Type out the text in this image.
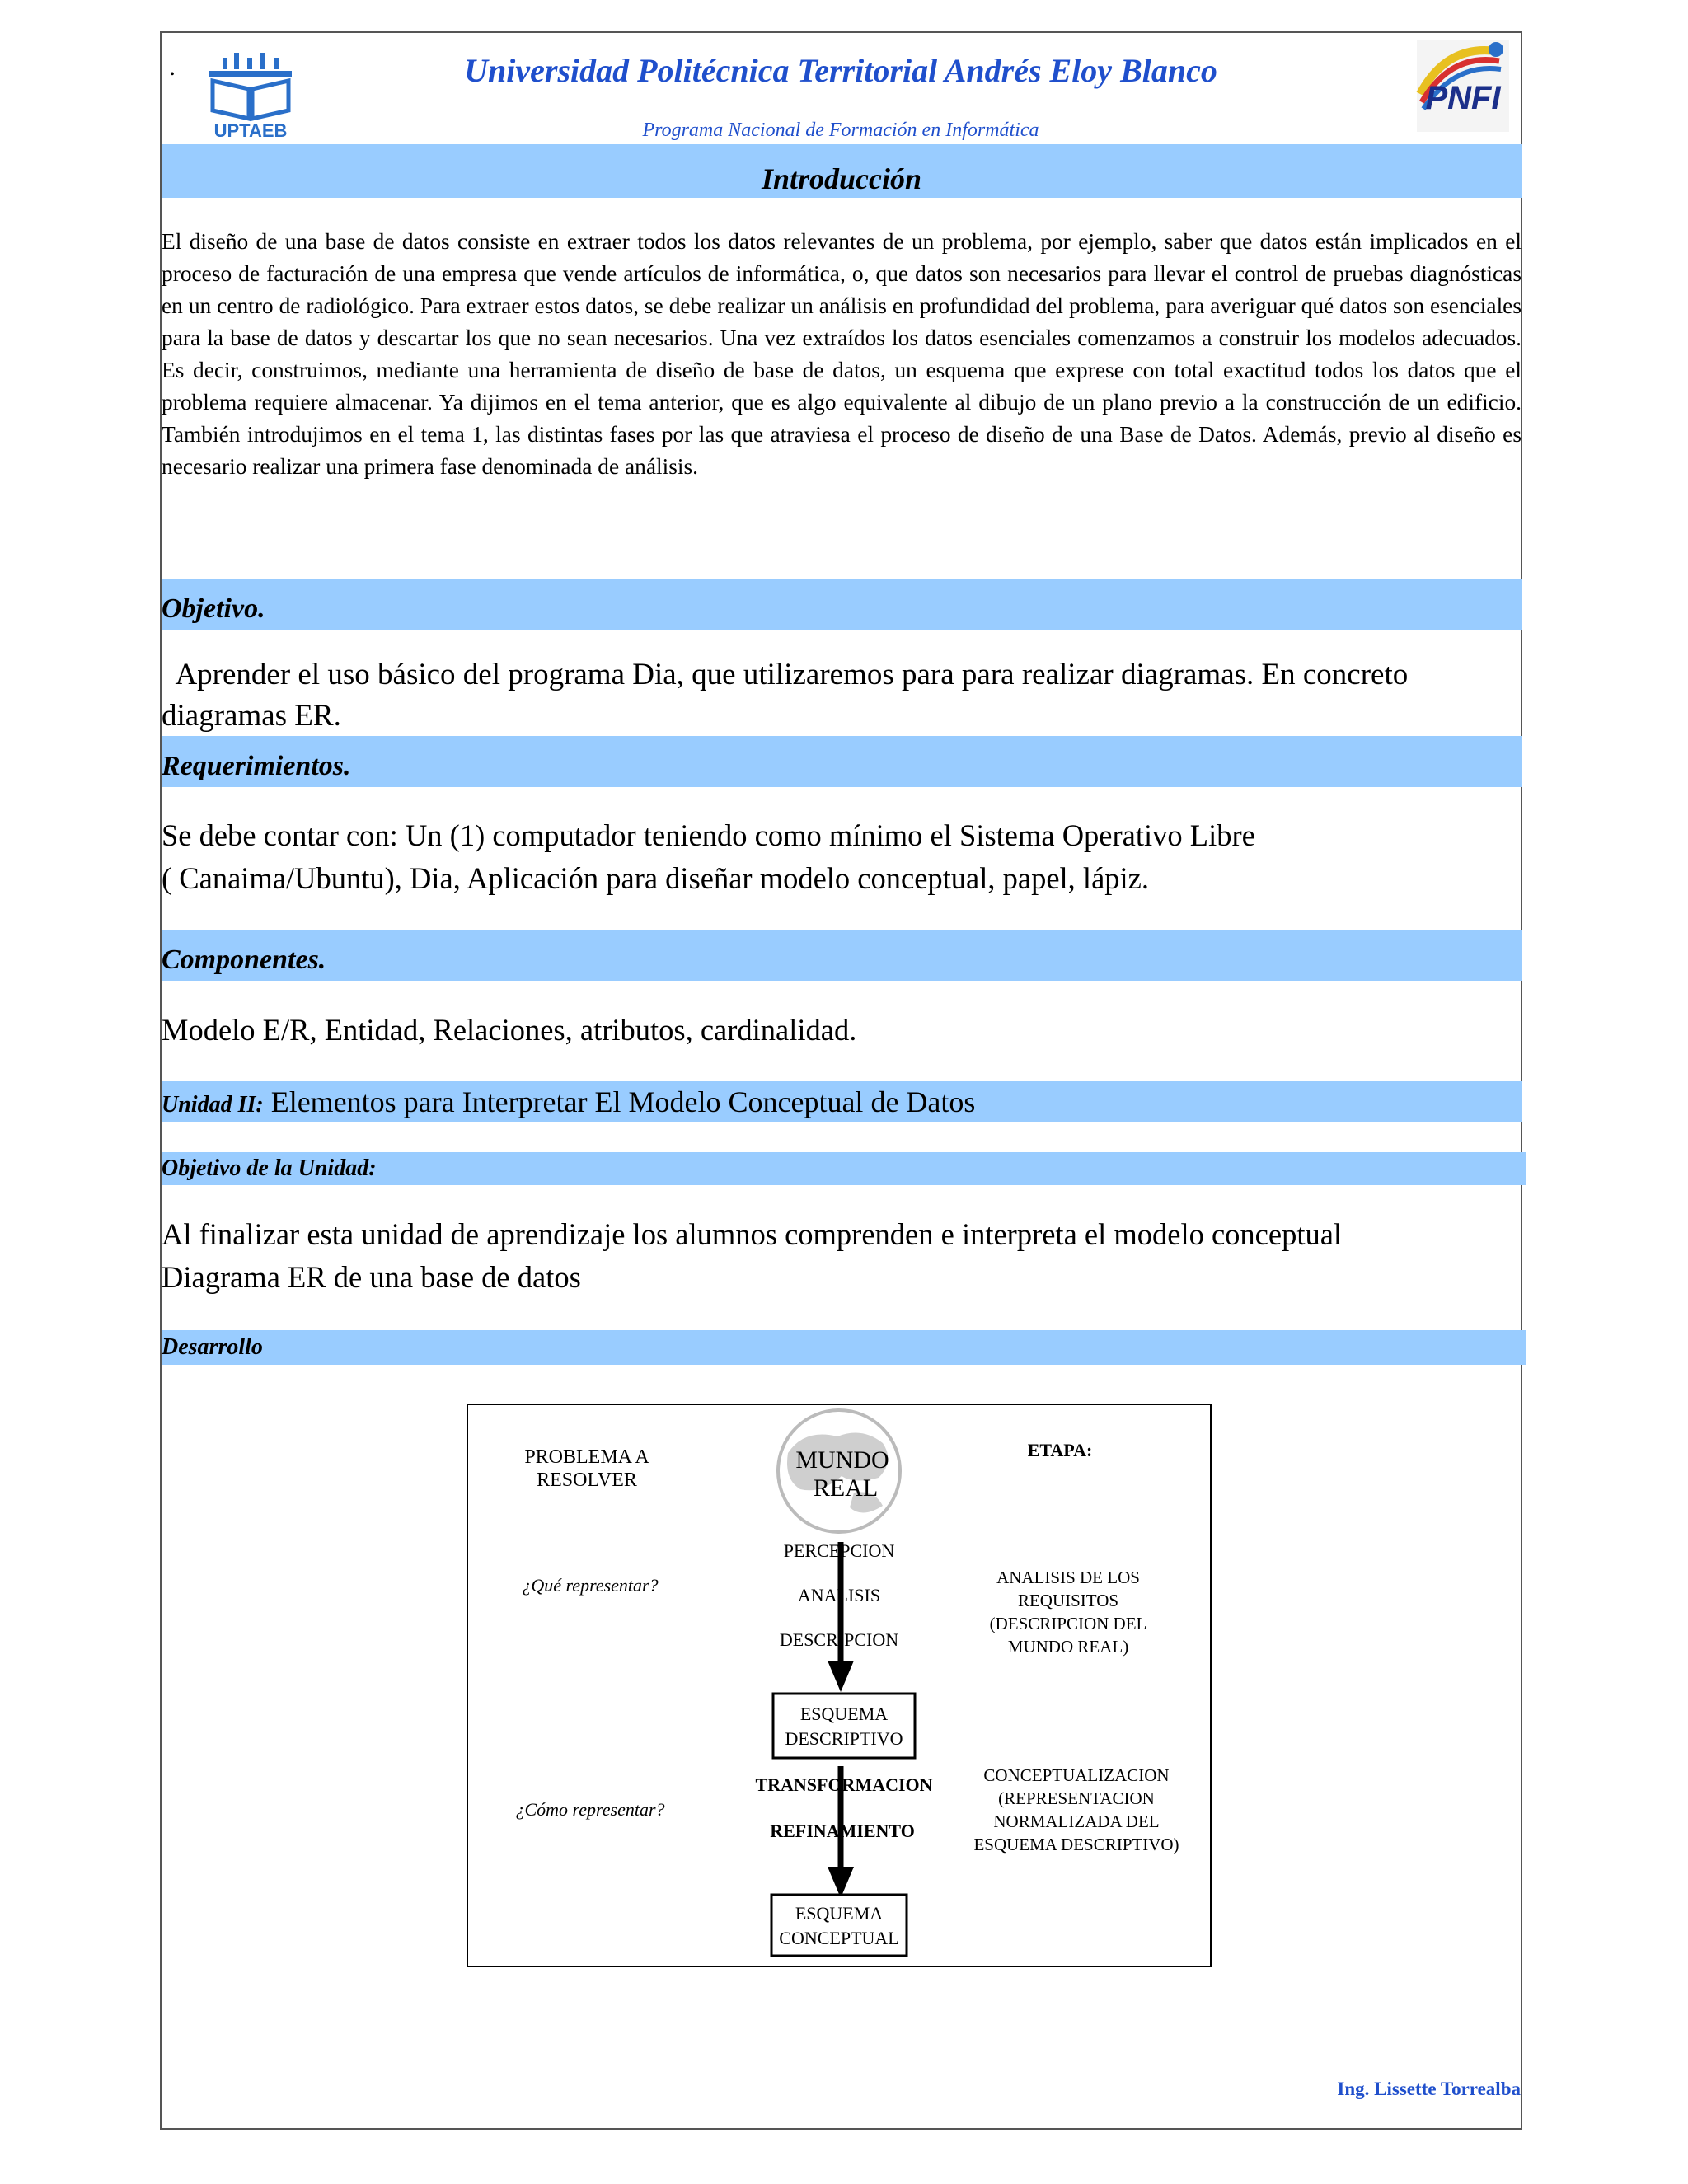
.
UPTAEB
Universidad Politécnica Territorial Andrés Eloy Blanco
Programa Nacional de Formación en Informática
PNFI
Introducción
El diseño de una base de datos consiste en extraer todos los datos relevantes de un problema, por ejemplo, saber que datos están implicados en el proceso de facturación de una empresa que vende artículos de informática, o, que datos son necesarios para llevar el control de pruebas diagnósticas en un centro de radiológico. Para extraer estos datos, se debe realizar un análisis en profundidad del problema, para averiguar qué datos son esenciales para la base de datos y descartar los que no sean necesarios. Una vez extraídos los datos esenciales comenzamos a construir los modelos adecuados. Es decir, construimos, mediante una herramienta de diseño de base de datos, un esquema que exprese con total exactitud todos los datos que el problema requiere almacenar. Ya dijimos en el tema anterior, que es algo equivalente al dibujo de un plano previo a la construcción de un edificio. También introdujimos en el tema 1, las distintas fases por las que atraviesa el proceso de diseño de una Base de Datos. Además, previo al diseño es necesario realizar una primera fase denominada de análisis.
Objetivo.
Aprender el uso básico del programa Dia, que utilizaremos para para realizar diagramas. En concreto
diagramas ER.
Requerimientos.
Se debe contar con: Un (1) computador teniendo como mínimo el Sistema Operativo Libre
( Canaima/Ubuntu), Dia, Aplicación para diseñar modelo conceptual, papel, lápiz.
Componentes.
Modelo E/R, Entidad, Relaciones, atributos, cardinalidad.
Unidad II: Elementos para Interpretar El Modelo Conceptual de Datos
Objetivo de la Unidad:
Al finalizar esta unidad de aprendizaje los alumnos comprenden e interpreta el modelo conceptual
Diagrama ER de una base de datos
Desarrollo
PROBLEMA A
RESOLVER
MUNDO
REAL
ETAPA:
¿Qué representar?
PERCEPCION
ANALISIS
DESCRIPCION
ANALISIS DE LOS
REQUISITOS
(DESCRIPCION DEL
MUNDO REAL)
ESQUEMA
DESCRIPTIVO
¿Cómo representar?
TRANSFORMACION
REFINAMIENTO
CONCEPTUALIZACION
(REPRESENTACION
NORMALIZADA DEL
ESQUEMA DESCRIPTIVO)
ESQUEMA
CONCEPTUAL
Ing. Lissette Torrealba
